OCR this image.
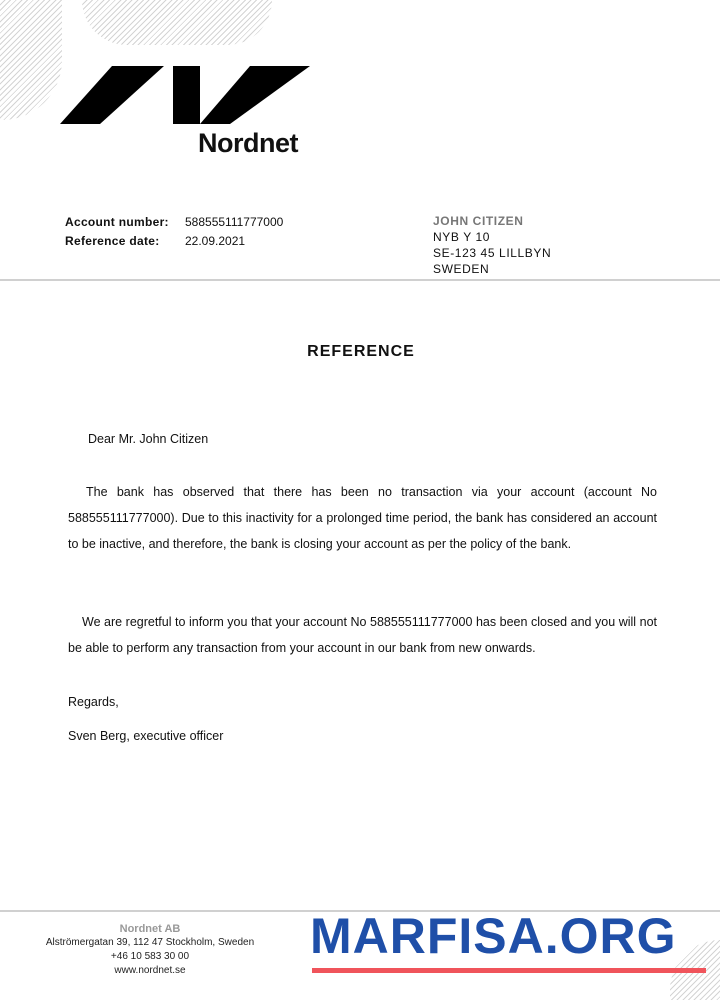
Nordnet
Account number: 588555111777000
Reference date: 22.09.2021
JOHN CITIZEN
NYB Y 10
SE-123 45 LILLBYN
SWEDEN
REFERENCE
Dear Mr. John Citizen
The bank has observed that there has been no transaction via your account (account No 588555111777000). Due to this inactivity for a prolonged time period, the bank has considered an account to be inactive, and therefore, the bank is closing your account as per the policy of the bank.
We are regretful to inform you that your account No 588555111777000 has been closed and you will not be able to perform any transaction from your account in our bank from new onwards.
Regards,
Sven Berg, executive officer
Nordnet AB
Alströmergatan 39, 112 47 Stockholm, Sweden
+46 10 583 30 00
www.nordnet.se
MARFISA.ORG
